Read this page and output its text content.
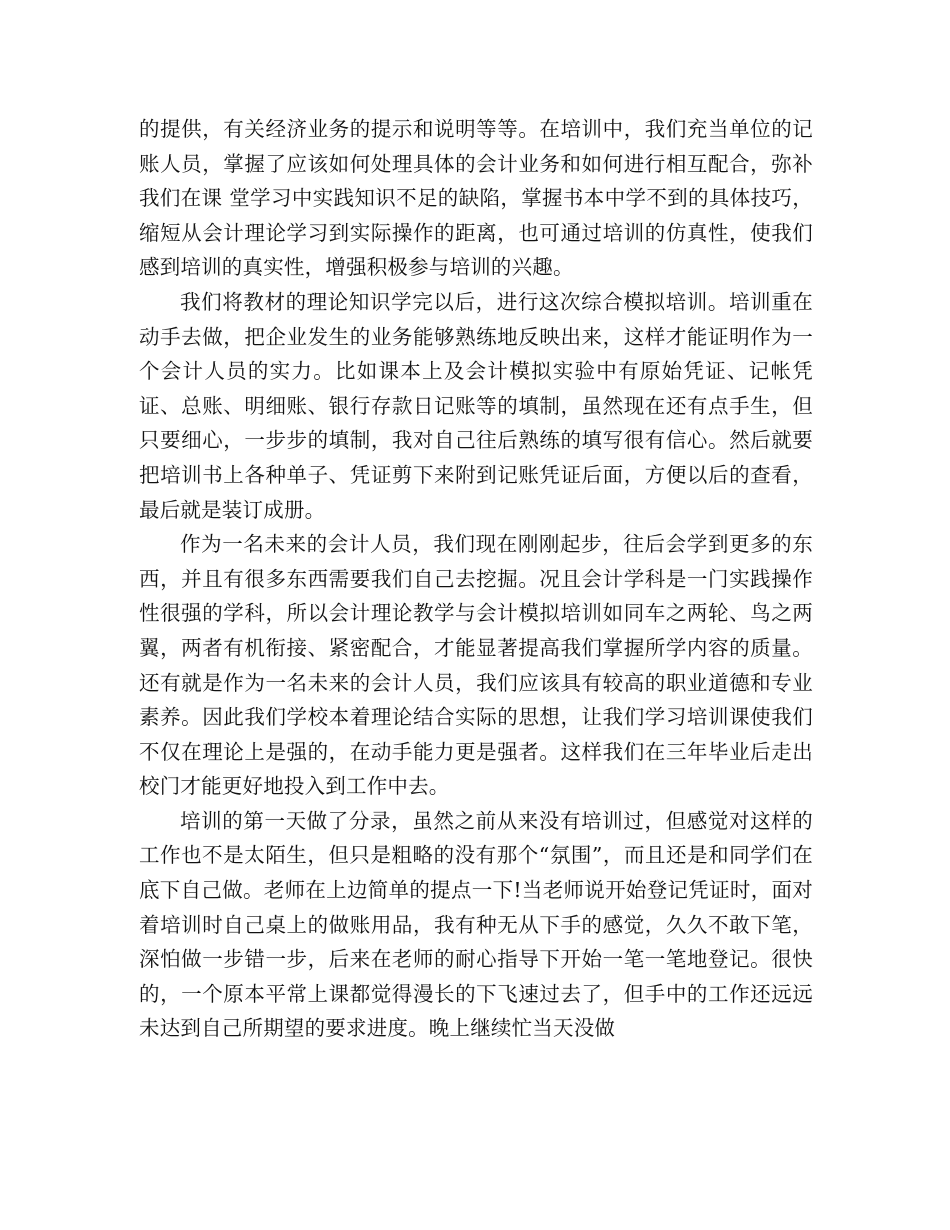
的提供，有关经济业务的提示和说明等等。在培训中，我们充当单位的记账人员，掌握了应该如何处理具体的会计业务和如何进行相互配合，弥补我们在课 堂学习中实践知识不足的缺陷，掌握书本中学不到的具体技巧，缩短从会计理论学习到实际操作的距离，也可通过培训的仿真性，使我们感到培训的真实性，增强积极参与培训的兴趣。

我们将教材的理论知识学完以后，进行这次综合模拟培训。培训重在动手去做，把企业发生的业务能够熟练地反映出来，这样才能证明作为一个会计人员的实力。比如课本上及会计模拟实验中有原始凭证、记帐凭证、总账、明细账、银行存款日记账等的填制，虽然现在还有点手生，但只要细心，一步步的填制，我对自己往后熟练的填写很有信心。然后就要把培训书上各种单子、凭证剪下来附到记账凭证后面，方便以后的查看，最后就是装订成册。

作为一名未来的会计人员，我们现在刚刚起步，往后会学到更多的东西，并且有很多东西需要我们自己去挖掘。况且会计学科是一门实践操作性很强的学科，所以会计理论教学与会计模拟培训如同车之两轮、鸟之两翼，两者有机衔接、紧密配合，才能显著提高我们掌握所学内容的质量。还有就是作为一名未来的会计人员，我们应该具有较高的职业道德和专业素养。因此我们学校本着理论结合实际的思想，让我们学习培训课使我们不仅在理论上是强的，在动手能力更是强者。这样我们在三年毕业后走出校门才能更好地投入到工作中去。

培训的第一天做了分录，虽然之前从来没有培训过，但感觉对这样的工作也不是太陌生，但只是粗略的没有那个“氛围”，而且还是和同学们在底下自己做。老师在上边简单的提点一下!当老师说开始登记凭证时，面对着培训时自己桌上的做账用品，我有种无从下手的感觉，久久不敢下笔，深怕做一步错一步，后来在老师的耐心指导下开始一笔一笔地登记。很快的，一个原本平常上课都觉得漫长的下飞速过去了，但手中的工作还远远未达到自己所期望的要求进度。晚上继续忙当天没做
